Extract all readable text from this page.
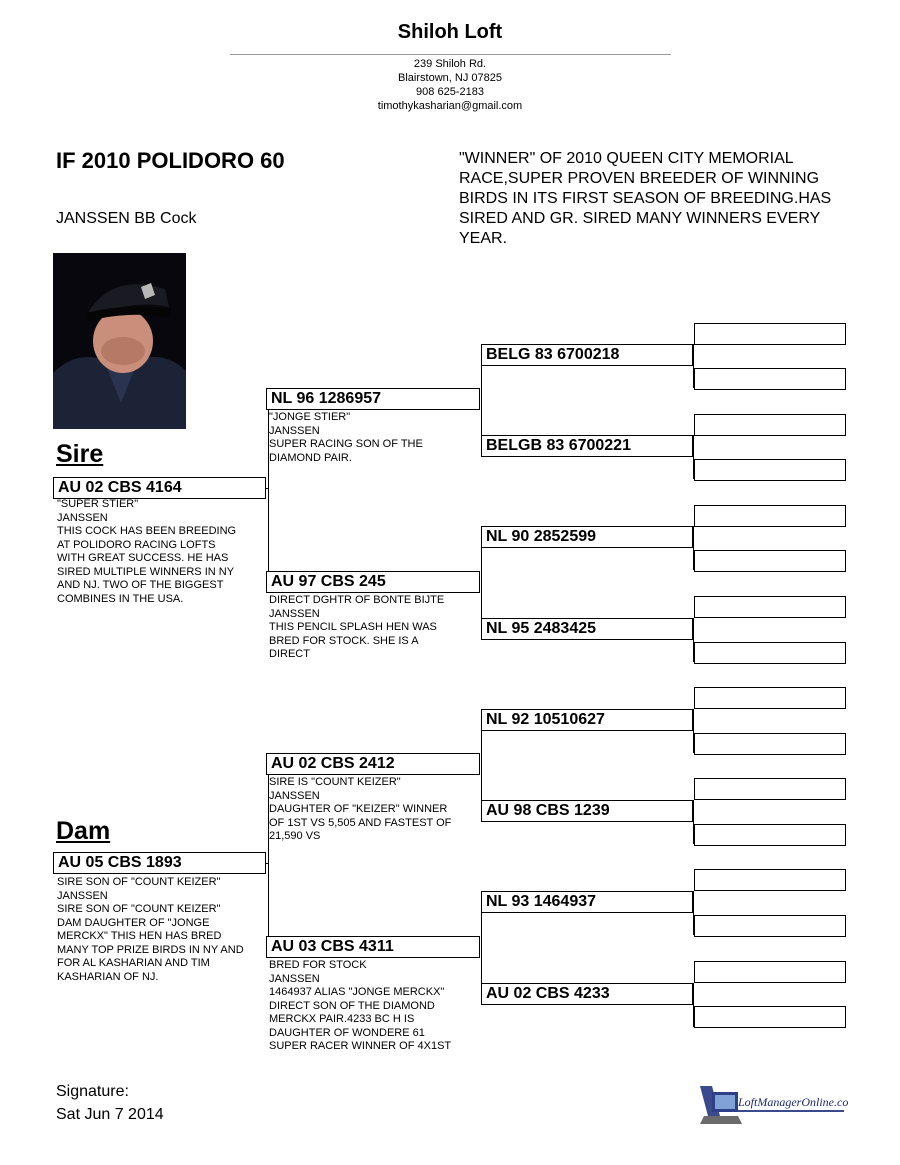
Shiloh Loft
239 Shiloh Rd.
Blairstown, NJ 07825
908 625-2183
timothykasharian@gmail.com
IF 2010 POLIDORO 60
JANSSEN BB Cock
"WINNER" OF 2010 QUEEN CITY MEMORIAL RACE,SUPER PROVEN BREEDER OF WINNING BIRDS IN ITS FIRST SEASON OF BREEDING.HAS SIRED AND GR. SIRED MANY WINNERS EVERY YEAR.
Sire
Dam
AU 02 CBS 4164
"SUPER STIER"
JANSSEN
THIS COCK HAS BEEN BREEDING
AT POLIDORO RACING LOFTS
WITH GREAT SUCCESS. HE HAS
SIRED MULTIPLE WINNERS IN NY
AND NJ. TWO OF THE BIGGEST
COMBINES IN THE USA.
AU 05 CBS 1893
SIRE SON OF "COUNT KEIZER"
JANSSEN
SIRE SON OF "COUNT KEIZER"
DAM DAUGHTER OF "JONGE
MERCKX" THIS HEN HAS BRED
MANY TOP PRIZE BIRDS IN NY AND
FOR AL KASHARIAN AND TIM
KASHARIAN OF NJ.
NL 96 1286957
"JONGE STIER"
JANSSEN
SUPER RACING SON OF THE
DIAMOND PAIR.
AU 97 CBS 245
DIRECT DGHTR OF BONTE BIJTE
JANSSEN
THIS PENCIL SPLASH HEN WAS
BRED FOR STOCK. SHE IS A
DIRECT
AU 02 CBS 2412
SIRE IS "COUNT KEIZER"
JANSSEN
DAUGHTER OF "KEIZER" WINNER
OF 1ST VS 5,505 AND FASTEST OF
21,590 VS
AU 03 CBS 4311
BRED FOR STOCK
JANSSEN
1464937 ALIAS "JONGE MERCKX"
DIRECT SON OF THE DIAMOND
MERCKX PAIR.4233 BC H IS
DAUGHTER OF WONDERE 61
SUPER RACER WINNER OF 4X1ST
BELG 83 6700218
BELGB 83 6700221
NL 90 2852599
NL 95 2483425
NL 92 10510627
AU 98 CBS 1239
NL 93 1464937
AU 02 CBS 4233
Signature:
Sat Jun 7 2014
LoftManagerOnline.com
